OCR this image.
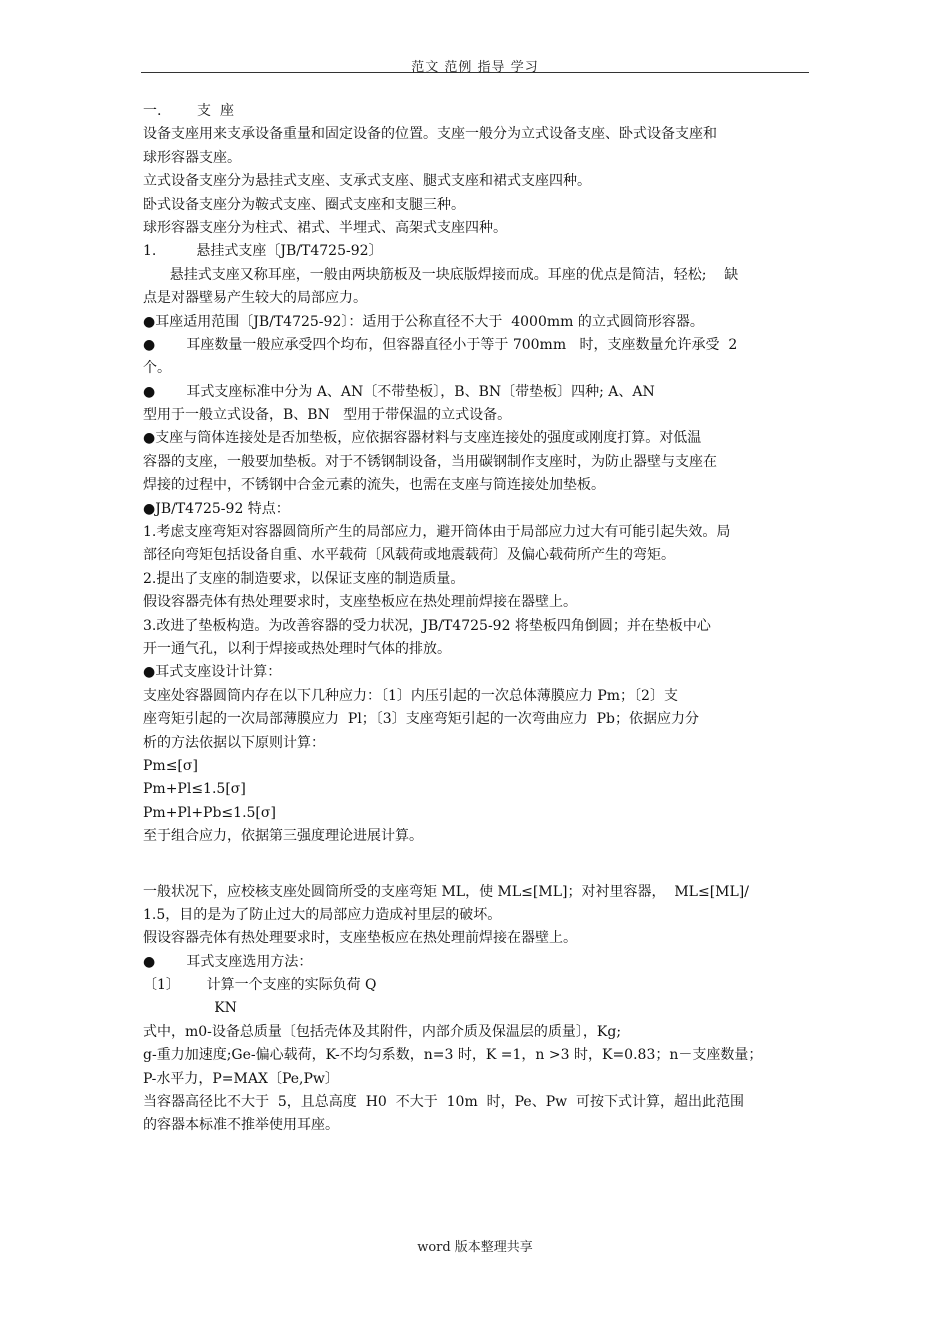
范文 范例 指导 学习
一.        支  座
设备支座用来支承设备重量和固定设备的位置。支座一般分为立式设备支座、卧式设备支座和
球形容器支座。
立式设备支座分为悬挂式支座、支承式支座、腿式支座和裙式支座四种。
卧式设备支座分为鞍式支座、圈式支座和支腿三种。
球形容器支座分为柱式、裙式、半埋式、高架式支座四种。
1.         悬挂式支座〔JB/T4725-92〕
悬挂式支座又称耳座，一般由两块筋板及一块底版焊接而成。耳座的优点是简洁，轻松;    缺
点是对器壁易产生较大的局部应力。
●耳座适用范围〔JB/T4725-92〕：适用于公称直径不大于  4000mm 的立式圆筒形容器。
●       耳座数量一般应承受四个均布，但容器直径小于等于 700mm   时，支座数量允许承受  2
个。
●       耳式支座标准中分为 A、AN〔不带垫板〕，B、BN〔带垫板〕四种; A、AN
型用于一般立式设备，B、BN   型用于带保温的立式设备。
●支座与筒体连接处是否加垫板，应依据容器材料与支座连接处的强度或刚度打算。对低温
容器的支座，一般要加垫板。对于不锈钢制设备，当用碳钢制作支座时，为防止器壁与支座在
焊接的过程中，不锈钢中合金元素的流失，也需在支座与筒连接处加垫板。
●JB/T4725-92 特点：
1.考虑支座弯矩对容器圆筒所产生的局部应力，避开筒体由于局部应力过大有可能引起失效。局
部径向弯矩包括设备自重、水平载荷〔风载荷或地震载荷〕及偏心载荷所产生的弯矩。
2.提出了支座的制造要求，以保证支座的制造质量。
假设容器壳体有热处理要求时，支座垫板应在热处理前焊接在器壁上。
3.改进了垫板构造。为改善容器的受力状况，JB/T4725-92 将垫板四角倒圆；并在垫板中心
开一通气孔，以利于焊接或热处理时气体的排放。
●耳式支座设计计算：
支座处容器圆筒内存在以下几种应力：〔1〕内压引起的一次总体薄膜应力 Pm；〔2〕支
座弯矩引起的一次局部薄膜应力  Pl；〔3〕支座弯矩引起的一次弯曲应力  Pb；依据应力分
析的方法依据以下原则计算：
Pm≤[σ]
Pm+Pl≤1.5[σ]
Pm+Pl+Pb≤1.5[σ]
至于组合应力，依据第三强度理论进展计算。
一般状况下，应校核支座处圆筒所受的支座弯矩 ML，使 ML≤[ML]；对衬里容器，  ML≤[ML]/
1.5，目的是为了防止过大的局部应力造成衬里层的破坏。
假设容器壳体有热处理要求时，支座垫板应在热处理前焊接在器壁上。
●       耳式支座选用方法：
〔1〕      计算一个支座的实际负荷 Q
KN
式中，m0-设备总质量〔包括壳体及其附件，内部介质及保温层的质量〕，Kg;
g-重力加速度;Ge-偏心载荷，K-不均匀系数，n=3 时，K =1，n >3 时，K=0.83；n－支座数量；
P-水平力，P=MAX〔Pe,Pw〕
当容器高径比不大于  5，且总高度  H0  不大于  10m  时，Pe、Pw  可按下式计算，超出此范围
的容器本标准不推举使用耳座。
word 版本整理共享
